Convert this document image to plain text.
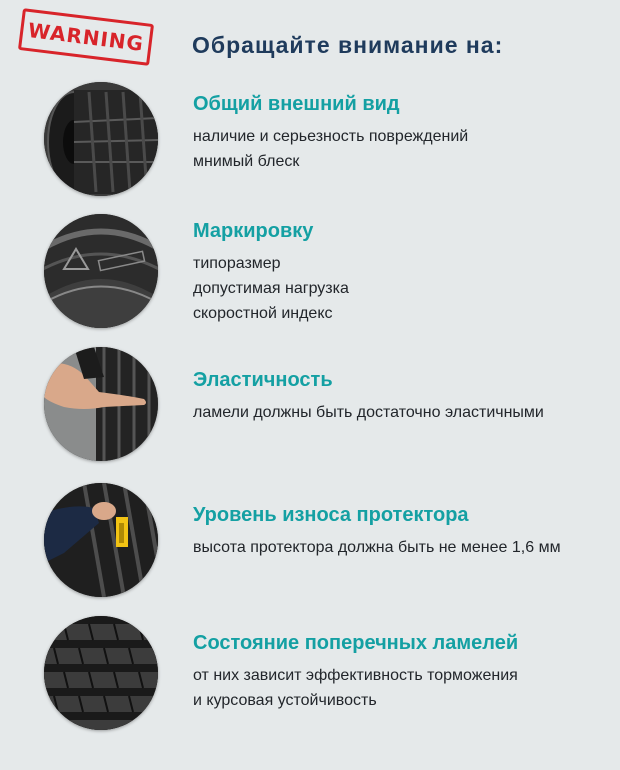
WARNING Обращайте внимание на:
Общий внешний вид
наличие и серьезность повреждений
мнимый блеск
Маркировку
типоразмер
допустимая нагрузка
скоростной индекс
Эластичность
ламели должны быть достаточно эластичными
Уровень износа протектора
высота протектора должна быть не менее 1,6 мм
Состояние поперечных ламелей
от них зависит эффективность торможения
и курсовая устойчивость
